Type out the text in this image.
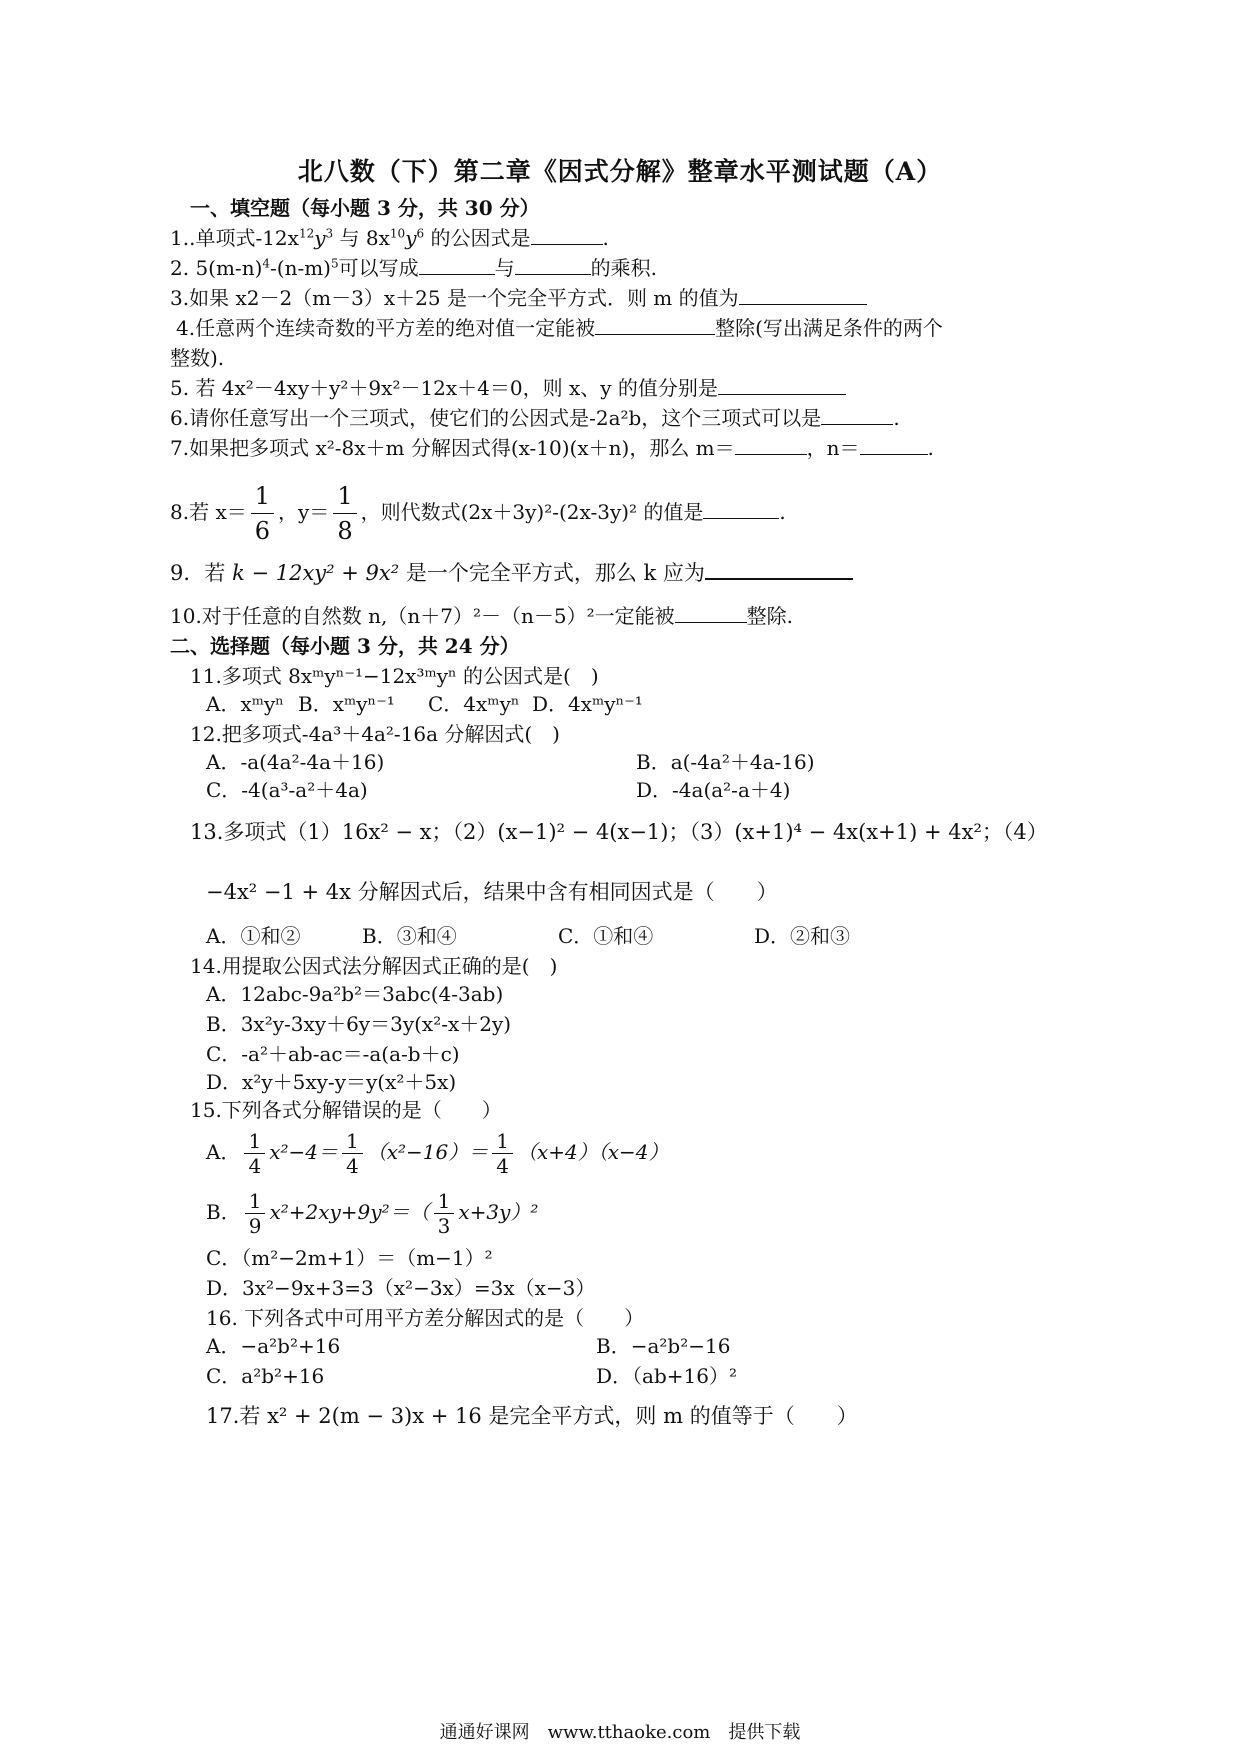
北八数（下）第二章《因式分解》整章水平测试题（A）
一、填空题（每小题 3 分，共 30 分）
1..单项式$-12x^{12}y^3$ 与 $8x^{10}y^6$ 的公因式是	.
2. $5(m-n)^4-(n-m)^5$可以写成	与	的乘积.
3.如果 x2－2（m－3）x＋25 是一个完全平方式．则 m 的值为
4.任意两个连续奇数的平方差的绝对值一定能被	整除(写出满足条件的两个
整数).
5. 若 4x²－4xy＋y²＋9x²－12x＋4＝0，则 x、y 的值分别是
6.请你任意写出一个三项式，使它们的公因式是-2a²b，这个三项式可以是	.
7.如果把多项式 x²-8x＋m 分解因式得(x-10)(x＋n)，那么 m＝	，n＝	.
8.若 $x= \frac{1}{6}$ ，$y= \frac{1}{8}$ ，则代数式(2x＋3y)²-(2x-3y)² 的值是	.
9．若 k − 12xy² + 9x² 是一个完全平方式，那么 k 应为
10.对于任意的自然数 n,（n＋7）²－（n－5）²一定能被	整除.
二、选择题（每小题 3 分，共 24 分）
11.多项式 8xᵐyⁿ⁻¹−12x³ᵐyⁿ 的公因式是(　)
A．xᵐyⁿ B．xᵐyⁿ⁻¹ C．4xᵐyⁿ D．4xᵐyⁿ⁻¹
12.把多项式-4a³＋4a²-16a 分解因式(　)
A．-a(4a²-4a＋16)	B．a(-4a²＋4a-16)
C．-4(a³-a²＋4a)	D．-4a(a²-a＋4)
13.多项式（1）16x² − x；（2）(x−1)² − 4(x−1)；（3）(x+1)⁴ − 4x(x+1) + 4x²；（4）
−4x² −1 + 4x 分解因式后，结果中含有相同因式是（　　）
A．①和②	B．③和④	C．①和④	D．②和③
14.用提取公因式法分解因式正确的是(　)
A．12abc-9a²b²＝3abc(4-3ab)
B．3x²y-3xy＋6y＝3y(x²-x＋2y)
C．-a²＋ab-ac＝-a(a-b＋c)
D．x²y＋5xy-y＝y(x²＋5x)
15.下列各式分解错误的是（　　）
A． $\frac{1}{4} x^2-4= \frac{1}{4} (x^2-16)= \frac{1}{4} (x+4)(x-4)$
B． $\frac{1}{9} x^2+2xy+9y^2=( \frac{1}{3} x+3y)^2$
C．（m²−2m+1）＝（m−1）²
D．3x²−9x+3=3（x²−3x）=3x（x−3）
16. 下列各式中可用平方差分解因式的是（　　）
A．−a²b²+16	B．−a²b²−16
C．a²b²+16	D．（ab+16）²
17.若 x² + 2(m − 3)x + 16 是完全平方式，则 m 的值等于（　　）
通通好课网　www.tthaoke.com　提供下载
